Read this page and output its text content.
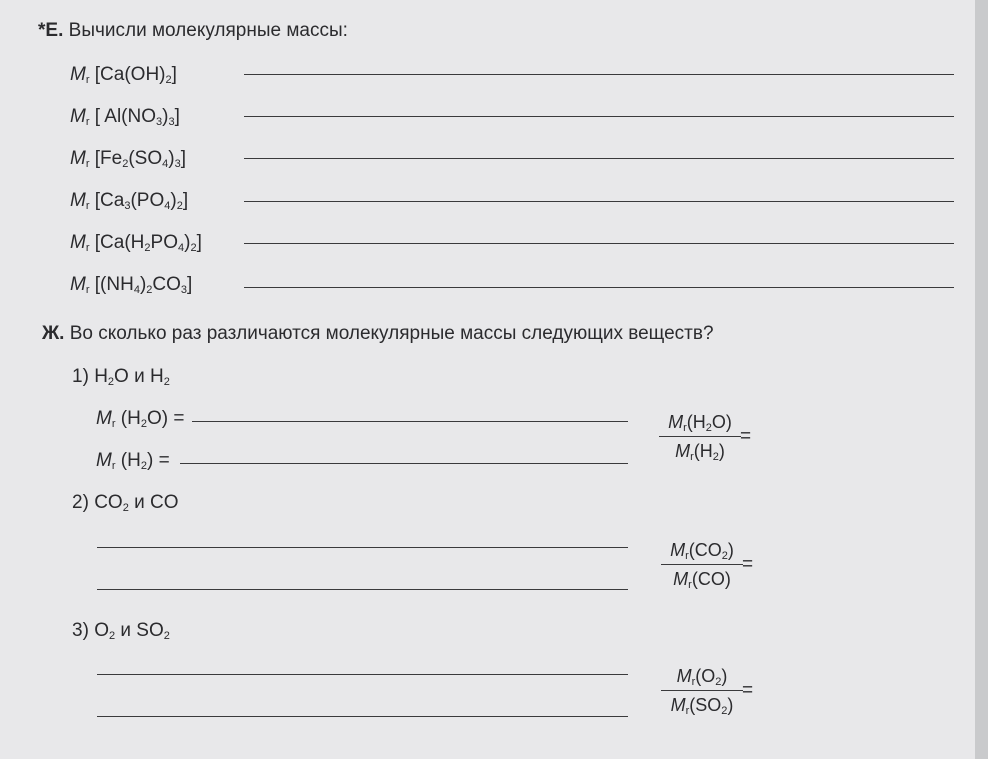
*Е. Вычисли молекулярные массы:
$M_r$ $[Ca(OH)_2]$
$M_r$ [ $Al(NO_3)_3$]
$M_r$ $[Fe_2(SO_4)_3]$
$M_r$ $[Ca_3(PO_4)_2]$
$M_r$ $[Ca(H_2PO_4)_2]$
$M_r$ $[(NH_4)_2CO_3]$
Ж. Во сколько раз различаются молекулярные массы следующих веществ?
1) $H_2O$ и $H_2$
$M_r$ $(H_2O)$ =
$M_r$ $(H_2)$ =
$M_r(H_2O)$
$M_r(H_2)$
=
2) $CO_2$ и CO
$M_r(CO_2)$
$M_r(CO)$
=
3) $O_2$ и $SO_2$
$M_r(O_2)$
$M_r(SO_2)$
=
